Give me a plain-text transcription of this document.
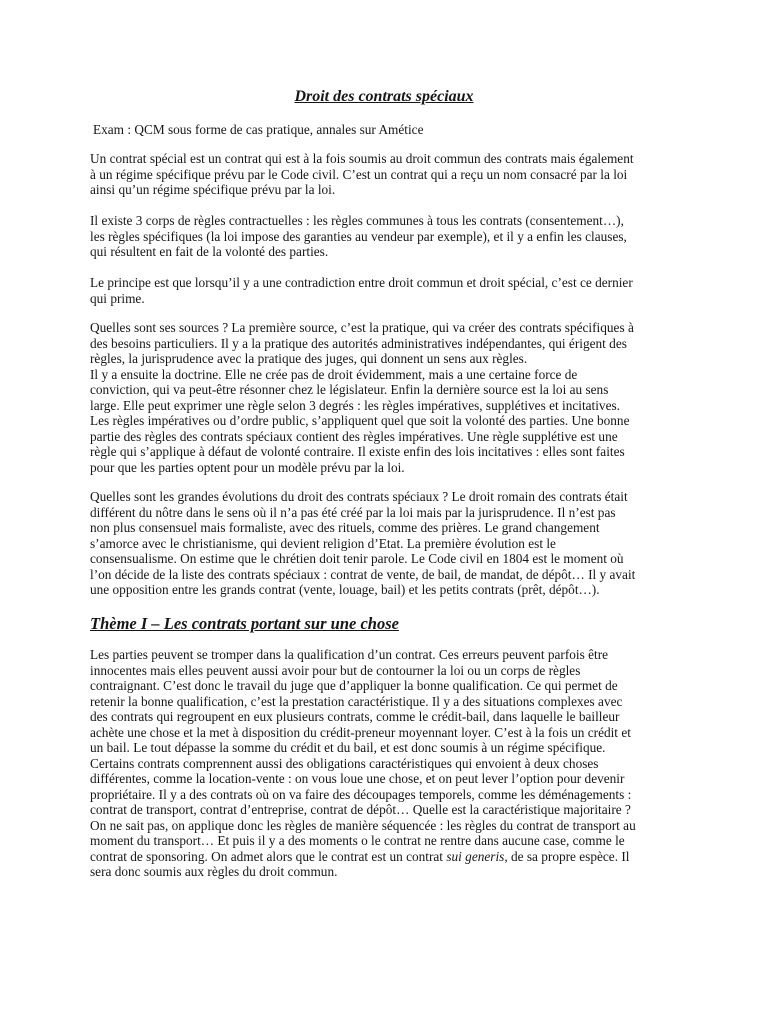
Droit des contrats spéciaux
Exam : QCM sous forme de cas pratique, annales sur Amétice
Un contrat spécial est un contrat qui est à la fois soumis au droit commun des contrats mais également
à un régime spécifique prévu par le Code civil. C’est un contrat qui a reçu un nom consacré par la loi
ainsi qu’un régime spécifique prévu par la loi.
Il existe 3 corps de règles contractuelles : les règles communes à tous les contrats (consentement…),
les règles spécifiques (la loi impose des garanties au vendeur par exemple), et il y a enfin les clauses,
qui résultent en fait de la volonté des parties.
Le principe est que lorsqu’il y a une contradiction entre droit commun et droit spécial, c’est ce dernier
qui prime.
Quelles sont ses sources ? La première source, c’est la pratique, qui va créer des contrats spécifiques à
des besoins particuliers. Il y a la pratique des autorités administratives indépendantes, qui érigent des
règles, la jurisprudence avec la pratique des juges, qui donnent un sens aux règles.
Il y a ensuite la doctrine. Elle ne crée pas de droit évidemment, mais a une certaine force de
conviction, qui va peut-être résonner chez le législateur. Enfin la dernière source est la loi au sens
large. Elle peut exprimer une règle selon 3 degrés : les règles impératives, supplétives et incitatives.
Les règles impératives ou d’ordre public, s’appliquent quel que soit la volonté des parties. Une bonne
partie des règles des contrats spéciaux contient des règles impératives. Une règle supplétive est une
règle qui s’applique à défaut de volonté contraire. Il existe enfin des lois incitatives : elles sont faites
pour que les parties optent pour un modèle prévu par la loi.
Quelles sont les grandes évolutions du droit des contrats spéciaux ? Le droit romain des contrats était
différent du nôtre dans le sens où il n’a pas été créé par la loi mais par la jurisprudence. Il n’est pas
non plus consensuel mais formaliste, avec des rituels, comme des prières. Le grand changement
s’amorce avec le christianisme, qui devient religion d’Etat. La première évolution est le
consensualisme. On estime que le chrétien doit tenir parole. Le Code civil en 1804 est le moment où
l’on décide de la liste des contrats spéciaux : contrat de vente, de bail, de mandat, de dépôt… Il y avait
une opposition entre les grands contrat (vente, louage, bail) et les petits contrats (prêt, dépôt…).
Thème I – Les contrats portant sur une chose
Les parties peuvent se tromper dans la qualification d’un contrat. Ces erreurs peuvent parfois être
innocentes mais elles peuvent aussi avoir pour but de contourner la loi ou un corps de règles
contraignant. C’est donc le travail du juge que d’appliquer la bonne qualification. Ce qui permet de
retenir la bonne qualification, c’est la prestation caractéristique. Il y a des situations complexes avec
des contrats qui regroupent en eux plusieurs contrats, comme le crédit-bail, dans laquelle le bailleur
achète une chose et la met à disposition du crédit-preneur moyennant loyer. C’est à la fois un crédit et
un bail. Le tout dépasse la somme du crédit et du bail, et est donc soumis à un régime spécifique.
Certains contrats comprennent aussi des obligations caractéristiques qui envoient à deux choses
différentes, comme la location-vente : on vous loue une chose, et on peut lever l’option pour devenir
propriétaire. Il y a des contrats où on va faire des découpages temporels, comme les déménagements :
contrat de transport, contrat d’entreprise, contrat de dépôt… Quelle est la caractéristique majoritaire ?
On ne sait pas, on applique donc les règles de manière séquencée : les règles du contrat de transport au
moment du transport… Et puis il y a des moments o le contrat ne rentre dans aucune case, comme le
contrat de sponsoring. On admet alors que le contrat est un contrat sui generis, de sa propre espèce. Il
sera donc soumis aux règles du droit commun.
